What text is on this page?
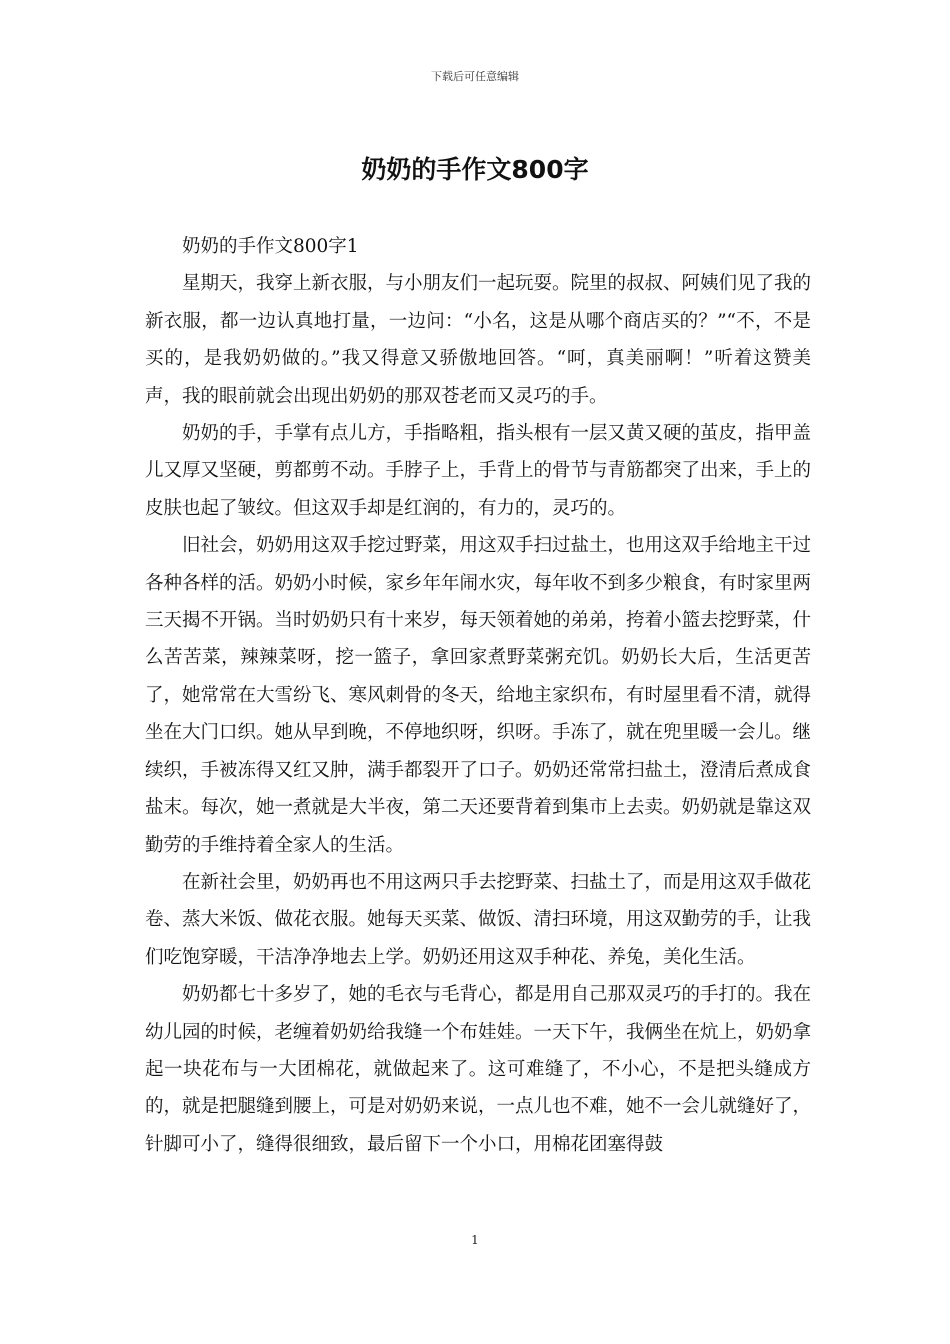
下载后可任意编辑
奶奶的手作文800字

奶奶的手作文800字1

星期天，我穿上新衣服，与小朋友们一起玩耍。院里的叔叔、阿姨们见了我的新衣服，都一边认真地打量，一边问：“小名，这是从哪个商店买的？”“不，不是买的，是我奶奶做的。”我又得意又骄傲地回答。“呵，真美丽啊！”听着这赞美声，我的眼前就会出现出奶奶的那双苍老而又灵巧的手。

奶奶的手，手掌有点儿方，手指略粗，指头根有一层又黄又硬的茧皮，指甲盖儿又厚又坚硬，剪都剪不动。手脖子上，手背上的骨节与青筋都突了出来，手上的皮肤也起了皱纹。但这双手却是红润的，有力的，灵巧的。

旧社会，奶奶用这双手挖过野菜，用这双手扫过盐土，也用这双手给地主干过各种各样的活。奶奶小时候，家乡年年闹水灾，每年收不到多少粮食，有时家里两三天揭不开锅。当时奶奶只有十来岁，每天领着她的弟弟，挎着小篮去挖野菜，什么苦苦菜，辣辣菜呀，挖一篮子，拿回家煮野菜粥充饥。奶奶长大后，生活更苦了，她常常在大雪纷飞、寒风刺骨的冬天，给地主家织布，有时屋里看不清，就得坐在大门口织。她从早到晚，不停地织呀，织呀。手冻了，就在兜里暖一会儿。继续织，手被冻得又红又肿，满手都裂开了口子。奶奶还常常扫盐土，澄清后煮成食盐末。每次，她一煮就是大半夜，第二天还要背着到集市上去卖。奶奶就是靠这双勤劳的手维持着全家人的生活。

在新社会里，奶奶再也不用这两只手去挖野菜、扫盐土了，而是用这双手做花卷、蒸大米饭、做花衣服。她每天买菜、做饭、清扫环境，用这双勤劳的手，让我们吃饱穿暖，干洁净净地去上学。奶奶还用这双手种花、养兔，美化生活。

奶奶都七十多岁了，她的毛衣与毛背心，都是用自己那双灵巧的手打的。我在幼儿园的时候，老缠着奶奶给我缝一个布娃娃。一天下午，我俩坐在炕上，奶奶拿起一块花布与一大团棉花，就做起来了。这可难缝了，不小心，不是把头缝成方的，就是把腿缝到腰上，可是对奶奶来说，一点儿也不难，她不一会儿就缝好了，针脚可小了，缝得很细致，最后留下一个小口，用棉花团塞得鼓

1
